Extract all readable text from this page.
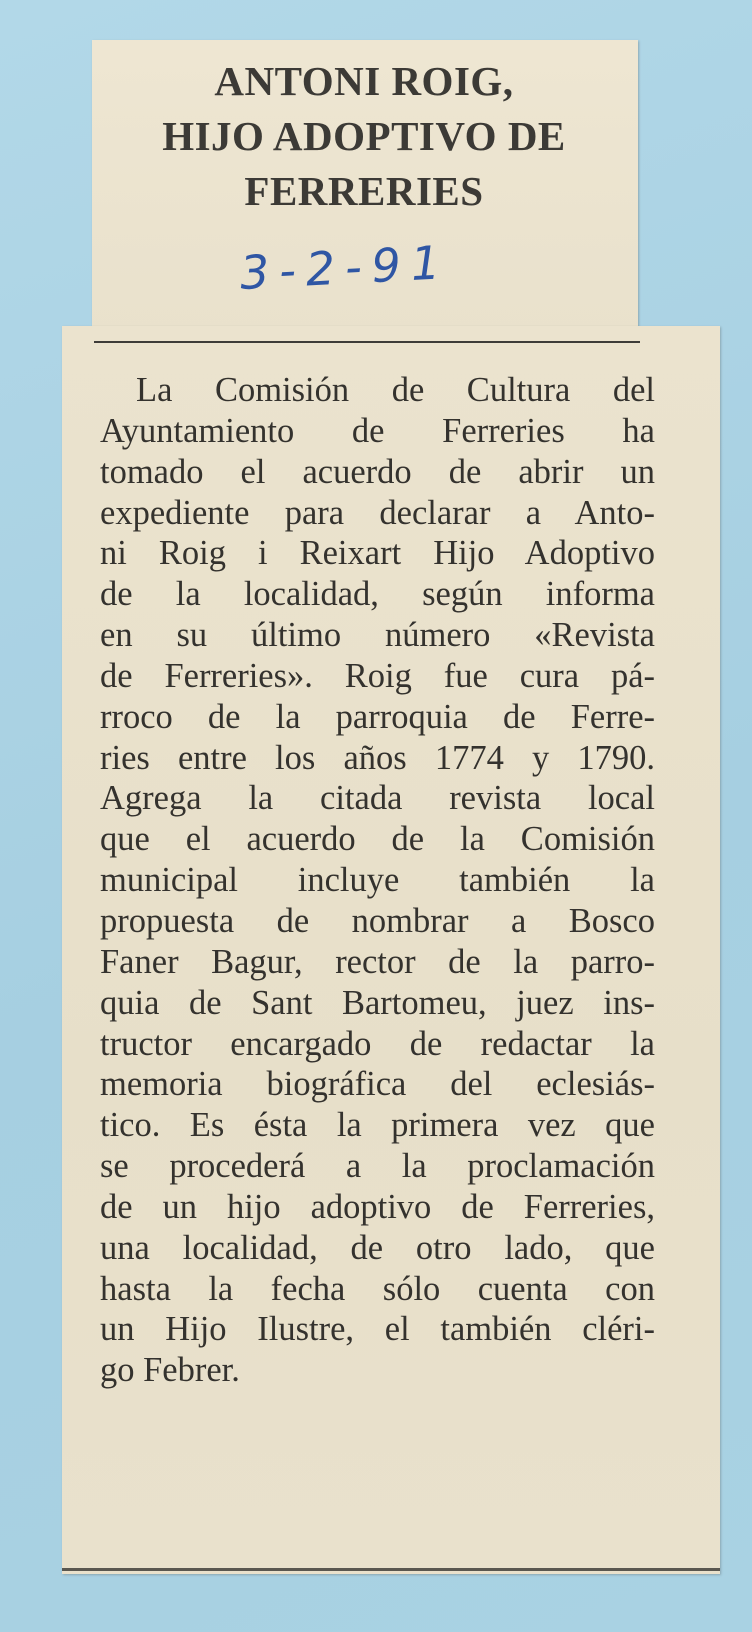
ANTONI ROIG,
HIJO ADOPTIVO DE
FERRERIES
3-2-91

La Comisión de Cultura del
Ayuntamiento de Ferreries ha
tomado el acuerdo de abrir un
expediente para declarar a Anto-
ni Roig i Reixart Hijo Adoptivo
de la localidad, según informa
en su último número «Revista
de Ferreries». Roig fue cura pá-
rroco de la parroquia de Ferre-
ries entre los años 1774 y 1790.
Agrega la citada revista local
que el acuerdo de la Comisión
municipal incluye también la
propuesta de nombrar a Bosco
Faner Bagur, rector de la parro-
quia de Sant Bartomeu, juez ins-
tructor encargado de redactar la
memoria biográfica del eclesiás-
tico. Es ésta la primera vez que
se procederá a la proclamación
de un hijo adoptivo de Ferreries,
una localidad, de otro lado, que
hasta la fecha sólo cuenta con
un Hijo Ilustre, el también cléri-
go Febrer.
